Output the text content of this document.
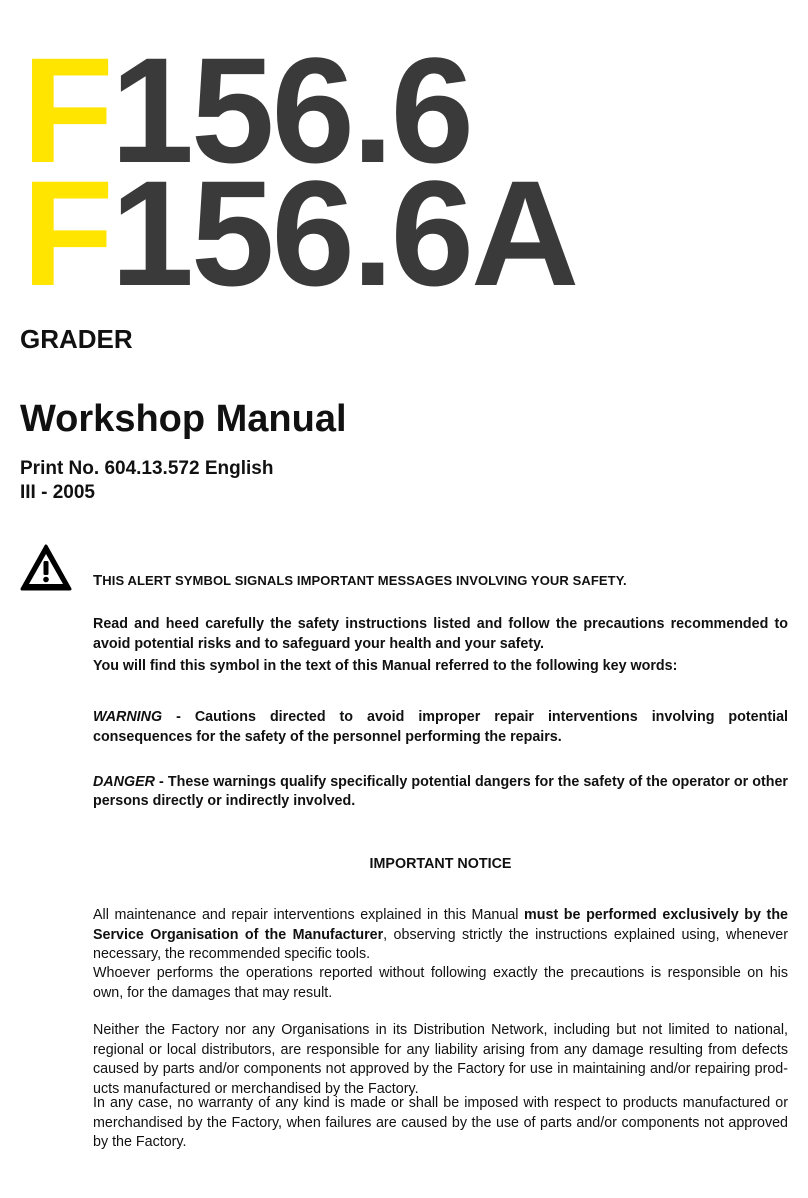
F156.6
F156.6A
GRADER
Workshop Manual

Print No. 604.13.572 English

III - 2005

THIS ALERT SYMBOL SIGNALS IMPORTANT MESSAGES INVOLVING YOUR SAFETY.

Read and heed carefully the safety instructions listed and follow the precautions recommended to avoid potential risks and to safeguard your health and your safety.

You will find this symbol in the text of this Manual referred to the following key words:

WARNING - Cautions directed to avoid improper repair interventions involving potential consequences for the safety of the personnel performing the repairs.

DANGER - These warnings qualify specifically potential dangers for the safety of the operator or other persons directly or indirectly involved.

IMPORTANT NOTICE

All maintenance and repair interventions explained in this Manual must be performed exclusively by the Service Organisation of the Manufacturer, observing strictly the instructions explained using, whenever necessary, the recommended specific tools.

Whoever performs the operations reported without following exactly the precautions is responsible on his own, for the damages that may result.

Neither the Factory nor any Organisations in its Distribution Network, including but not limited to national, regional or local distributors, are responsible for any liability arising from any damage resulting from defects caused by parts and/or components not approved by the Factory for use in maintaining and/or repairing prod-ucts manufactured or merchandised by the Factory.

In any case, no warranty of any kind is made or shall be imposed with respect to products manufactured or merchandised by the Factory, when failures are caused by the use of parts and/or components not approved by the Factory.
